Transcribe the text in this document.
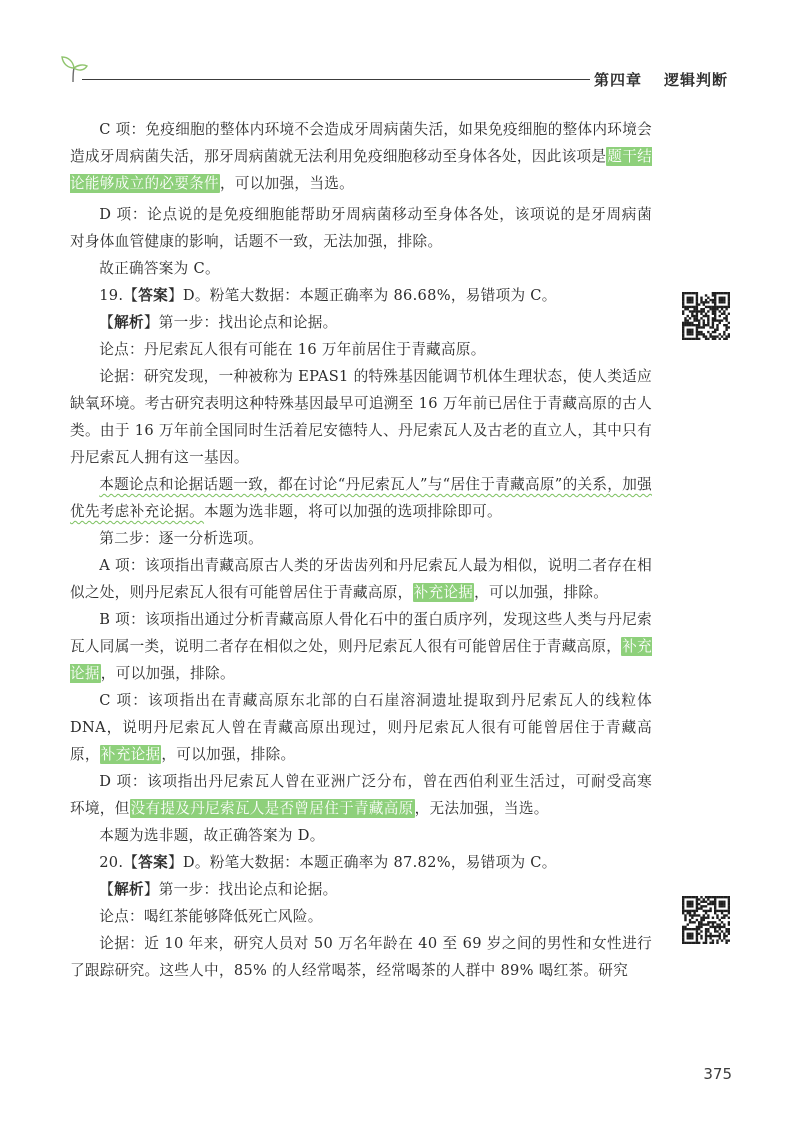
第四章 逻辑判断

C 项：免疫细胞的整体内环境不会造成牙周病菌失活，如果免疫细胞的整体内环境会造成牙周病菌失活，那牙周病菌就无法利用免疫细胞移动至身体各处，因此该项是题干结论能够成立的必要条件，可以加强，当选。

D 项：论点说的是免疫细胞能帮助牙周病菌移动至身体各处，该项说的是牙周病菌对身体血管健康的影响，话题不一致，无法加强，排除。

故正确答案为 C。

19.【答案】D。粉笔大数据：本题正确率为 86.68%，易错项为 C。

【解析】第一步：找出论点和论据。

论点：丹尼索瓦人很有可能在 16 万年前居住于青藏高原。

论据：研究发现，一种被称为 EPAS1 的特殊基因能调节机体生理状态，使人类适应缺氧环境。考古研究表明这种特殊基因最早可追溯至 16 万年前已居住于青藏高原的古人类。由于 16 万年前全国同时生活着尼安德特人、丹尼索瓦人及古老的直立人，其中只有丹尼索瓦人拥有这一基因。

本题论点和论据话题一致，都在讨论“丹尼索瓦人”与“居住于青藏高原”的关系，加强优先考虑补充论据。本题为选非题，将可以加强的选项排除即可。

第二步：逐一分析选项。

A 项：该项指出青藏高原古人类的牙齿齿列和丹尼索瓦人最为相似，说明二者存在相似之处，则丹尼索瓦人很有可能曾居住于青藏高原，补充论据，可以加强，排除。

B 项：该项指出通过分析青藏高原人骨化石中的蛋白质序列，发现这些人类与丹尼索瓦人同属一类，说明二者存在相似之处，则丹尼索瓦人很有可能曾居住于青藏高原，补充论据，可以加强，排除。

C 项：该项指出在青藏高原东北部的白石崖溶洞遗址提取到丹尼索瓦人的线粒体 DNA，说明丹尼索瓦人曾在青藏高原出现过，则丹尼索瓦人很有可能曾居住于青藏高原，补充论据，可以加强，排除。

D 项：该项指出丹尼索瓦人曾在亚洲广泛分布，曾在西伯利亚生活过，可耐受高寒环境，但没有提及丹尼索瓦人是否曾居住于青藏高原，无法加强，当选。

本题为选非题，故正确答案为 D。

20.【答案】D。粉笔大数据：本题正确率为 87.82%，易错项为 C。

【解析】第一步：找出论点和论据。

论点：喝红茶能够降低死亡风险。

论据：近 10 年来，研究人员对 50 万名年龄在 40 至 69 岁之间的男性和女性进行了跟踪研究。这些人中，85% 的人经常喝茶，经常喝茶的人群中 89% 喝红茶。研究

375
